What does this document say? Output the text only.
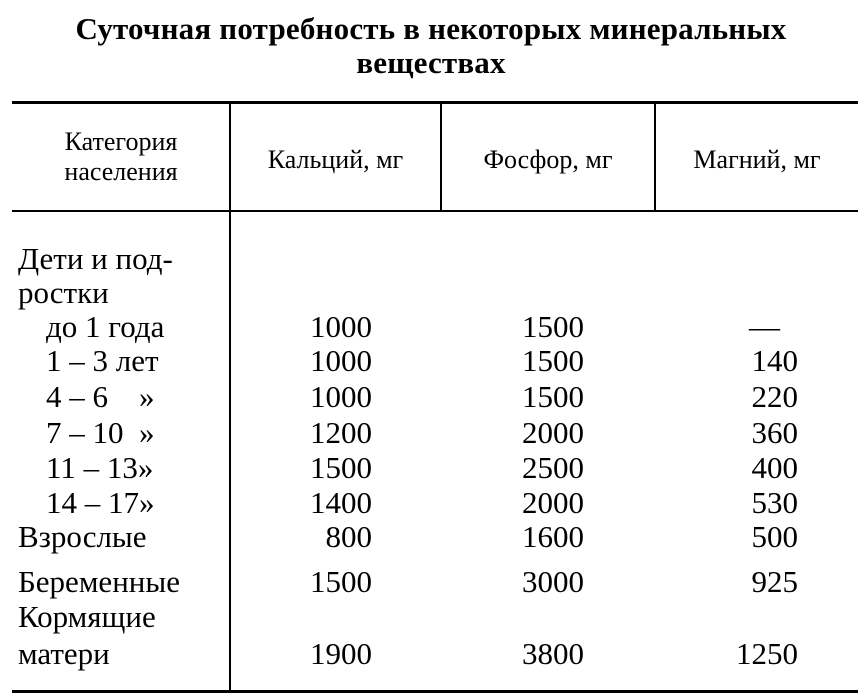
Суточная потребность в некоторых минеральных
веществах
Категория
населения	Кальций, мг	Фосфор, мг	Магний, мг
Дети и под-
ростки
до 1 года	1000	1500	—
1 – 3 лет	1000	1500	140
4 – 6    »	1000	1500	220
7 – 10  »	1200	2000	360
11 – 13»	1500	2500	400
14 – 17»	1400	2000	530
Взрослые	800	1600	500
Беременные	1500	3000	925
Кормящие
матери	1900	3800	1250
